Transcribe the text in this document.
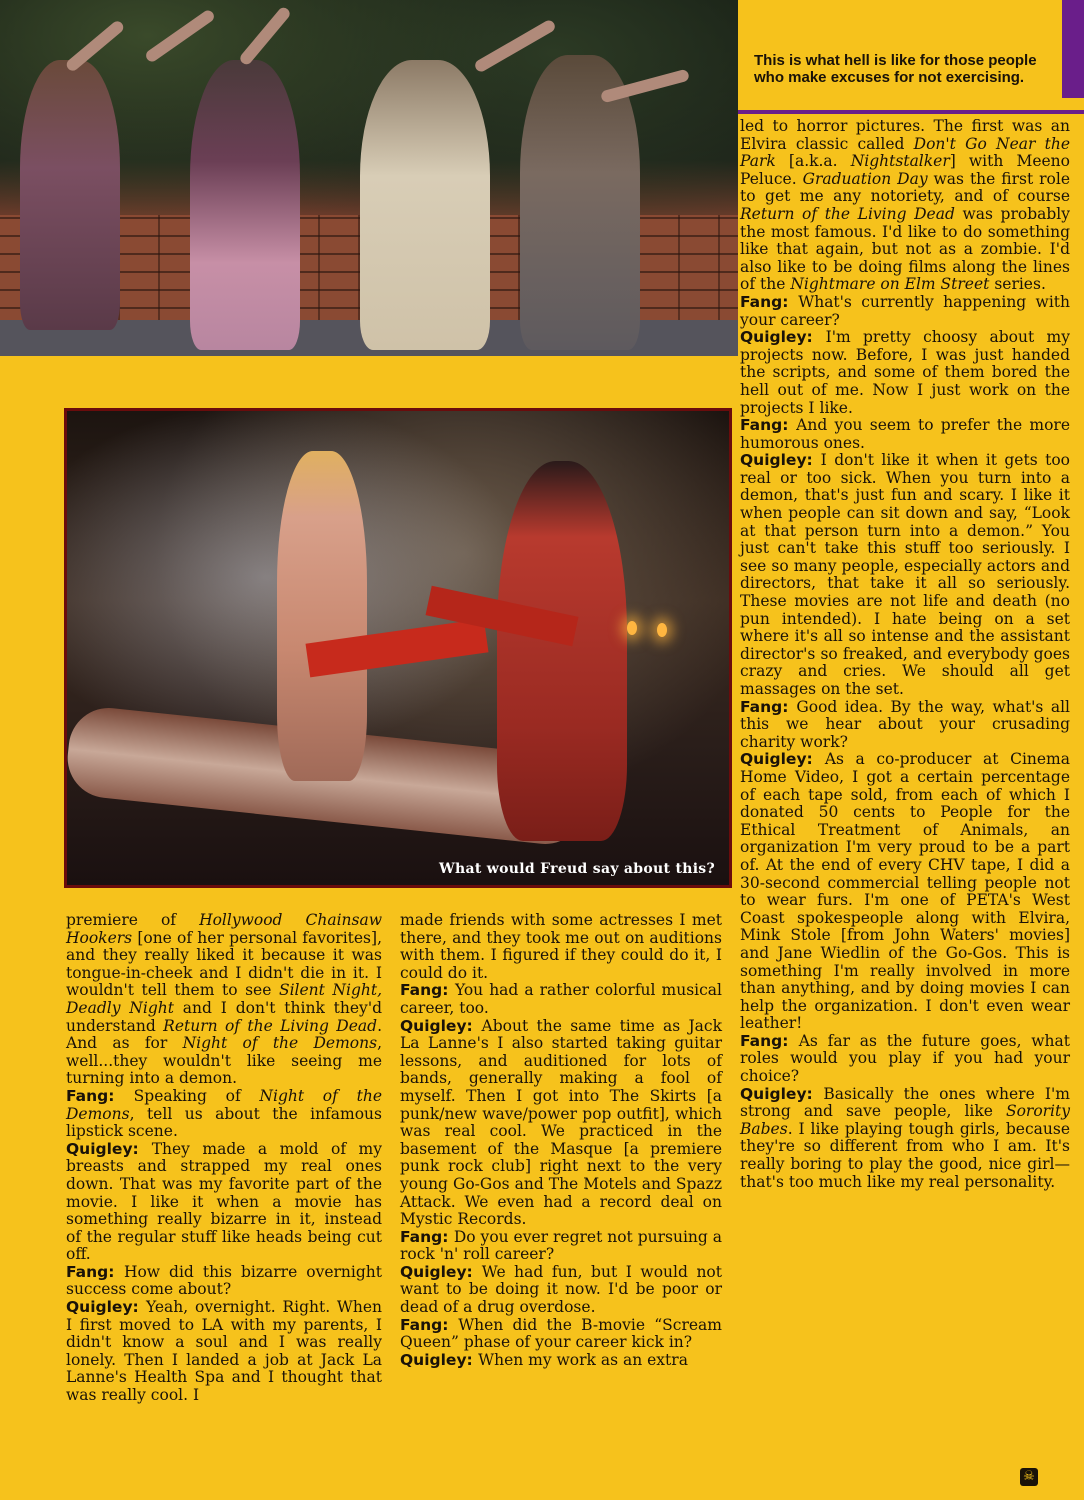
This is what hell is like for those people who make excuses for not exercising.
What would Freud say about this?

led to horror pictures. The first was an Elvira classic called Don't Go Near the Park [a.k.a. Nightstalker] with Meeno Peluce. Graduation Day was the first role to get me any notoriety, and of course Return of the Living Dead was probably the most famous. I'd like to do something like that again, but not as a zombie. I'd also like to be doing films along the lines of the Nightmare on Elm Street series.

Fang: What's currently happening with your career?

Quigley: I'm pretty choosy about my projects now. Before, I was just handed the scripts, and some of them bored the hell out of me. Now I just work on the projects I like.

Fang: And you seem to prefer the more humorous ones.

Quigley: I don't like it when it gets too real or too sick. When you turn into a demon, that's just fun and scary. I like it when people can sit down and say, “Look at that person turn into a demon.” You just can't take this stuff too seriously. I see so many people, especially actors and directors, that take it all so seriously. These movies are not life and death (no pun intended). I hate being on a set where it's all so intense and the assistant director's so freaked, and everybody goes crazy and cries. We should all get massages on the set.

Fang: Good idea. By the way, what's all this we hear about your crusading charity work?

Quigley: As a co-producer at Cinema Home Video, I got a certain percentage of each tape sold, from each of which I donated 50 cents to People for the Ethical Treatment of Animals, an organization I'm very proud to be a part of. At the end of every CHV tape, I did a 30-second commercial telling people not to wear furs. I'm one of PETA's West Coast spokespeople along with Elvira, Mink Stole [from John Waters' movies] and Jane Wiedlin of the Go-Gos. This is something I'm really involved in more than anything, and by doing movies I can help the organization. I don't even wear leather!

Fang: As far as the future goes, what roles would you play if you had your choice?

Quigley: Basically the ones where I'm strong and save people, like Sorority Babes. I like playing tough girls, because they're so different from who I am. It's really boring to play the good, nice girl—that's too much like my real personality.

premiere of Hollywood Chainsaw Hookers [one of her personal favorites], and they really liked it because it was tongue-in-cheek and I didn't die in it. I wouldn't tell them to see Silent Night, Deadly Night and I don't think they'd understand Return of the Living Dead. And as for Night of the Demons, well...they wouldn't like seeing me turning into a demon.

Fang: Speaking of Night of the Demons, tell us about the infamous lipstick scene.

Quigley: They made a mold of my breasts and strapped my real ones down. That was my favorite part of the movie. I like it when a movie has something really bizarre in it, instead of the regular stuff like heads being cut off.

Fang: How did this bizarre overnight success come about?

Quigley: Yeah, overnight. Right. When I first moved to LA with my parents, I didn't know a soul and I was really lonely. Then I landed a job at Jack La Lanne's Health Spa and I thought that was really cool. I

made friends with some actresses I met there, and they took me out on auditions with them. I figured if they could do it, I could do it.

Fang: You had a rather colorful musical career, too.

Quigley: About the same time as Jack La Lanne's I also started taking guitar lessons, and auditioned for lots of bands, generally making a fool of myself. Then I got into The Skirts [a punk/new wave/power pop outfit], which was real cool. We practiced in the basement of the Masque [a premiere punk rock club] right next to the very young Go-Gos and The Motels and Spazz Attack. We even had a record deal on Mystic Records.

Fang: Do you ever regret not pursuing a rock 'n' roll career?

Quigley: We had fun, but I would not want to be doing it now. I'd be poor or dead of a drug overdose.

Fang: When did the B-movie “Scream Queen” phase of your career kick in?

Quigley: When my work as an extra

☠
